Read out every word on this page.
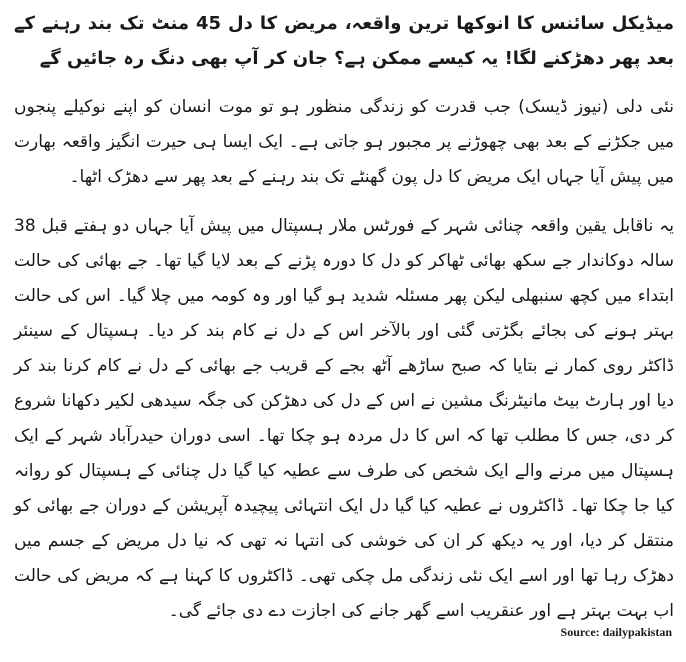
میڈیکل سائنس کا انوکھا ترین واقعہ، مریض کا دل 45 منٹ تک بند رہنے کے بعد پھر دھڑکنے لگا! یہ کیسے ممکن ہے؟ جان کر آپ بھی دنگ رہ جائیں گے

نئی دلی (نیوز ڈیسک) جب قدرت کو زندگی منظور ہو تو موت انسان کو اپنے نوکیلے پنجوں میں جکڑنے کے بعد بھی چھوڑنے پر مجبور ہو جاتی ہے۔ ایک ایسا ہی حیرت انگیز واقعہ بھارت میں پیش آیا جہاں ایک مریض کا دل پون گھنٹے تک بند رہنے کے بعد پھر سے دھڑک اٹھا۔

یہ ناقابل یقین واقعہ چنائی شہر کے فورٹس ملار ہسپتال میں پیش آیا جہاں دو ہفتے قبل 38 سالہ دوکاندار جے سکھ بھائی ٹھاکر کو دل کا دورہ پڑنے کے بعد لایا گیا تھا۔ جے بھائی کی حالت ابتداء میں کچھ سنبھلی لیکن پھر مسئلہ شدید ہو گیا اور وہ کومہ میں چلا گیا۔ اس کی حالت بہتر ہونے کی بجائے بگڑتی گئی اور بالآخر اس کے دل نے کام بند کر دیا۔ ہسپتال کے سینئر ڈاکٹر روی کمار نے بتایا کہ صبح ساڑھے آٹھ بجے کے قریب جے بھائی کے دل نے کام کرنا بند کر دیا اور ہارٹ بیٹ مانیٹرنگ مشین نے اس کے دل کی دھڑکن کی جگہ سیدھی لکیر دکھانا شروع کر دی، جس کا مطلب تھا کہ اس کا دل مردہ ہو چکا تھا۔ اسی دوران حیدرآباد شہر کے ایک ہسپتال میں مرنے والے ایک شخص کی طرف سے عطیہ کیا گیا دل چنائی کے ہسپتال کو روانہ کیا جا چکا تھا۔ ڈاکٹروں نے عطیہ کیا گیا دل ایک انتہائی پیچیدہ آپریشن کے دوران جے بھائی کو منتقل کر دیا، اور یہ دیکھ کر ان کی خوشی کی انتہا نہ تھی کہ نیا دل مریض کے جسم میں دھڑک رہا تھا اور اسے ایک نئی زندگی مل چکی تھی۔ ڈاکٹروں کا کہنا ہے کہ مریض کی حالت اب بہت بہتر ہے اور عنقریب اسے گھر جانے کی اجازت دے دی جائے گی۔

Source: dailypakistan
